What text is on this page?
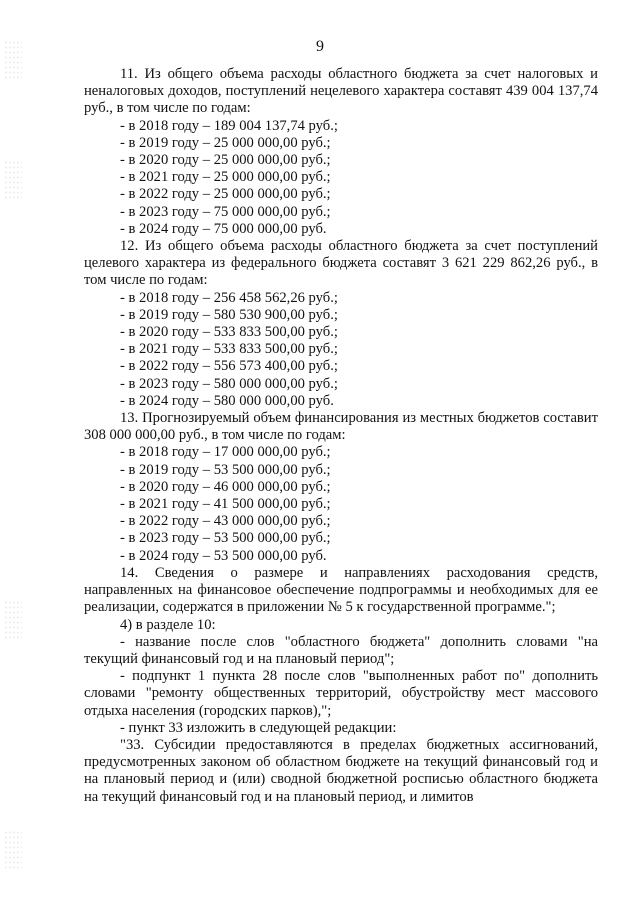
9

11. Из общего объема расходы областного бюджета за счет налоговых и неналоговых доходов, поступлений нецелевого характера составят 439 004 137,74 руб., в том числе по годам:

- в 2018 году – 189 004 137,74 руб.;
- в 2019 году – 25 000 000,00 руб.;
- в 2020 году – 25 000 000,00 руб.;
- в 2021 году – 25 000 000,00 руб.;
- в 2022 году – 25 000 000,00 руб.;
- в 2023 году – 75 000 000,00 руб.;
- в 2024 году – 75 000 000,00 руб.

12. Из общего объема расходы областного бюджета за счет поступлений целевого характера из федерального бюджета составят 3 621 229 862,26 руб., в том числе по годам:

- в 2018 году – 256 458 562,26 руб.;
- в 2019 году – 580 530 900,00 руб.;
- в 2020 году – 533 833 500,00 руб.;
- в 2021 году – 533 833 500,00 руб.;
- в 2022 году – 556 573 400,00 руб.;
- в 2023 году – 580 000 000,00 руб.;
- в 2024 году – 580 000 000,00 руб.

13. Прогнозируемый объем финансирования из местных бюджетов составит 308 000 000,00 руб., в том числе по годам:

- в 2018 году – 17 000 000,00 руб.;
- в 2019 году – 53 500 000,00 руб.;
- в 2020 году – 46 000 000,00 руб.;
- в 2021 году – 41 500 000,00 руб.;
- в 2022 году – 43 000 000,00 руб.;
- в 2023 году – 53 500 000,00 руб.;
- в 2024 году – 53 500 000,00 руб.

14. Сведения о размере и направлениях расходования средств, направленных на финансовое обеспечение подпрограммы и необходимых для ее реализации, содержатся в приложении № 5 к государственной программе.";

4) в разделе 10:

- название после слов "областного бюджета" дополнить словами "на текущий финансовый год и на плановый период";

- подпункт 1 пункта 28 после слов "выполненных работ по" дополнить словами "ремонту общественных территорий, обустройству мест массового отдыха населения (городских парков),";

- пункт 33 изложить в следующей редакции:

"33. Субсидии предоставляются в пределах бюджетных ассигнований, предусмотренных законом об областном бюджете на текущий финансовый год и на плановый период и (или) сводной бюджетной росписью областного бюджета на текущий финансовый год и на плановый период, и лимитов
